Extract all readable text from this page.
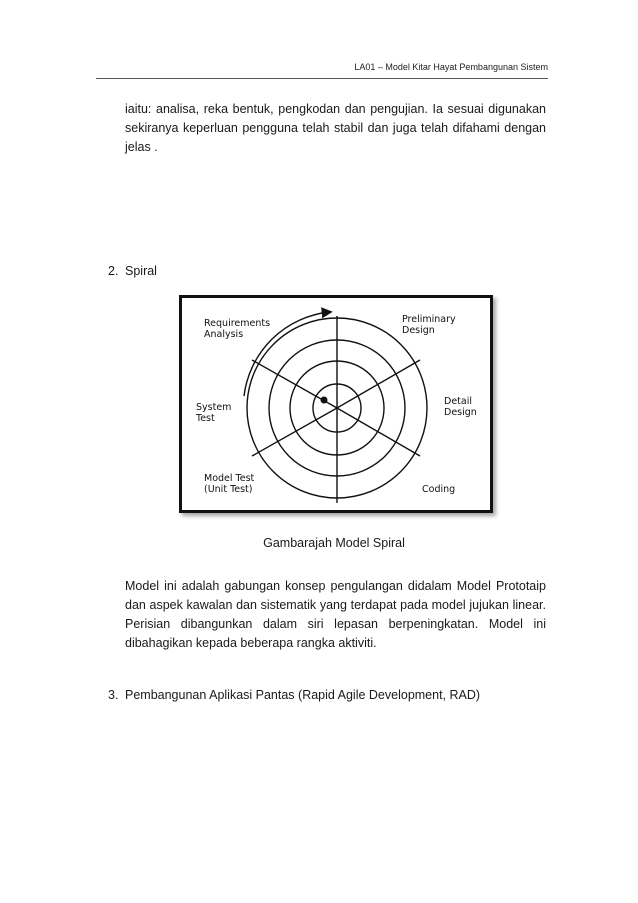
LA01 – Model Kitar Hayat Pembangunan Sistem
iaitu: analisa, reka bentuk, pengkodan dan pengujian. Ia sesuai digunakan sekiranya keperluan pengguna telah stabil dan juga telah difahami dengan jelas .
2. Spiral
Requirements
Analysis
Preliminary
Design
System
Test
Detail
Design
Model Test
(Unit Test)	Coding
Gambarajah Model Spiral
Model ini adalah gabungan konsep pengulangan didalam Model Prototaip dan aspek kawalan dan sistematik yang terdapat pada model jujukan linear. Perisian dibangunkan dalam siri lepasan berpeningkatan. Model ini dibahagikan kepada beberapa rangka aktiviti.
3. Pembangunan Aplikasi Pantas (Rapid Agile Development, RAD)
